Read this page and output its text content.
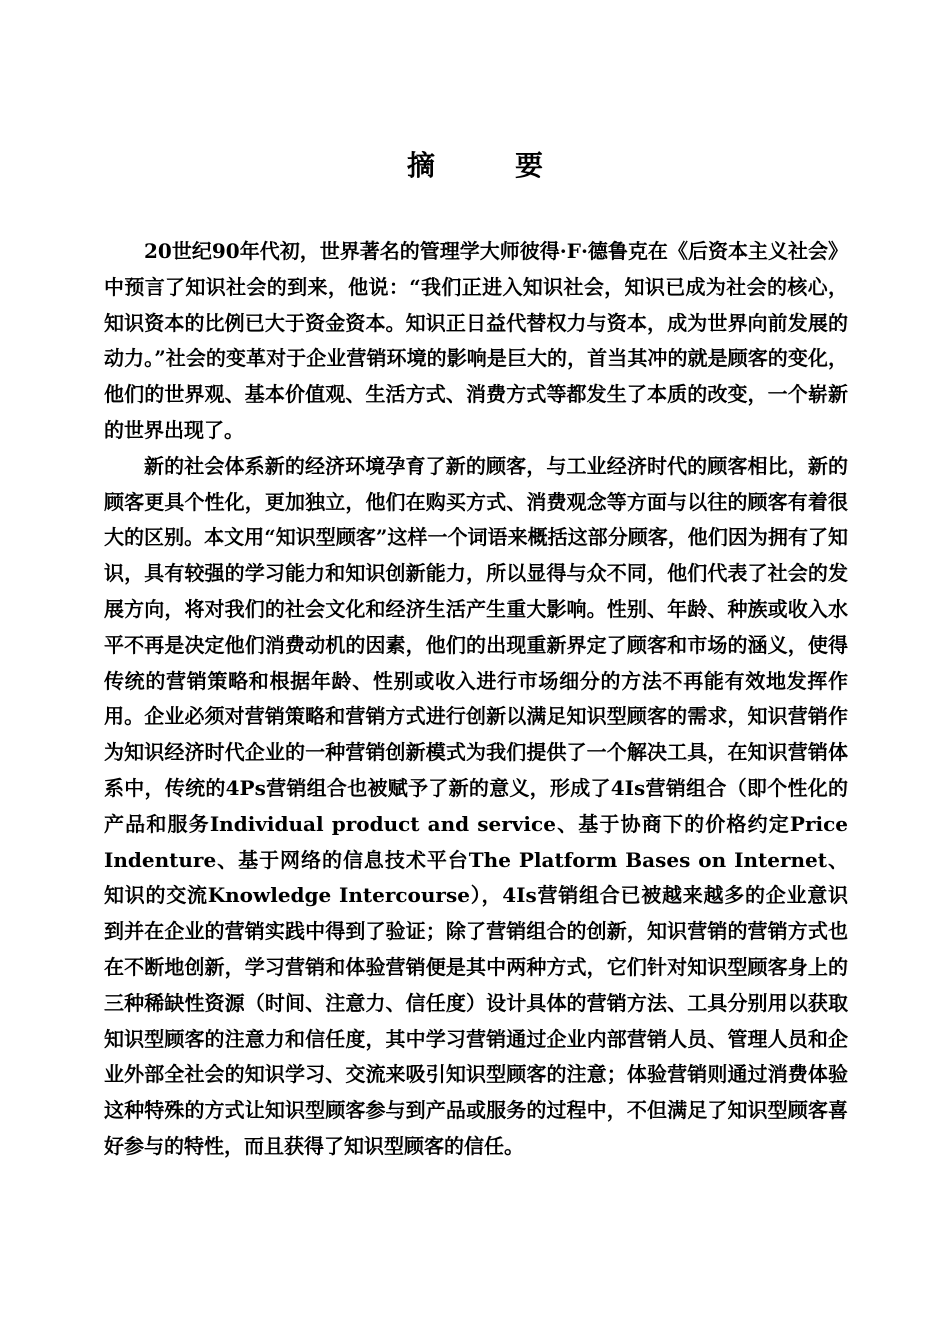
摘　要

20世纪90年代初，世界著名的管理学大师彼得·F·德鲁克在《后资本主义社会》中预言了知识社会的到来，他说：“我们正进入知识社会，知识已成为社会的核心，知识资本的比例已大于资金资本。知识正日益代替权力与资本，成为世界向前发展的动力。”社会的变革对于企业营销环境的影响是巨大的，首当其冲的就是顾客的变化，他们的世界观、基本价值观、生活方式、消费方式等都发生了本质的改变，一个崭新的世界出现了。

新的社会体系新的经济环境孕育了新的顾客，与工业经济时代的顾客相比，新的顾客更具个性化，更加独立，他们在购买方式、消费观念等方面与以往的顾客有着很大的区别。本文用“知识型顾客”这样一个词语来概括这部分顾客，他们因为拥有了知识，具有较强的学习能力和知识创新能力，所以显得与众不同，他们代表了社会的发展方向，将对我们的社会文化和经济生活产生重大影响。性别、年龄、种族或收入水平不再是决定他们消费动机的因素，他们的出现重新界定了顾客和市场的涵义，使得传统的营销策略和根据年龄、性别或收入进行市场细分的方法不再能有效地发挥作用。企业必须对营销策略和营销方式进行创新以满足知识型顾客的需求，知识营销作为知识经济时代企业的一种营销创新模式为我们提供了一个解决工具，在知识营销体系中，传统的4Ps营销组合也被赋予了新的意义，形成了4Is营销组合（即个性化的产品和服务Individual product and service、基于协商下的价格约定Price Indenture、基于网络的信息技术平台The Platform Bases on Internet、知识的交流Knowledge Intercourse），4Is营销组合已被越来越多的企业意识到并在企业的营销实践中得到了验证；除了营销组合的创新，知识营销的营销方式也在不断地创新，学习营销和体验营销便是其中两种方式，它们针对知识型顾客身上的三种稀缺性资源（时间、注意力、信任度）设计具体的营销方法、工具分别用以获取知识型顾客的注意力和信任度，其中学习营销通过企业内部营销人员、管理人员和企业外部全社会的知识学习、交流来吸引知识型顾客的注意；体验营销则通过消费体验这种特殊的方式让知识型顾客参与到产品或服务的过程中，不但满足了知识型顾客喜好参与的特性，而且获得了知识型顾客的信任。
